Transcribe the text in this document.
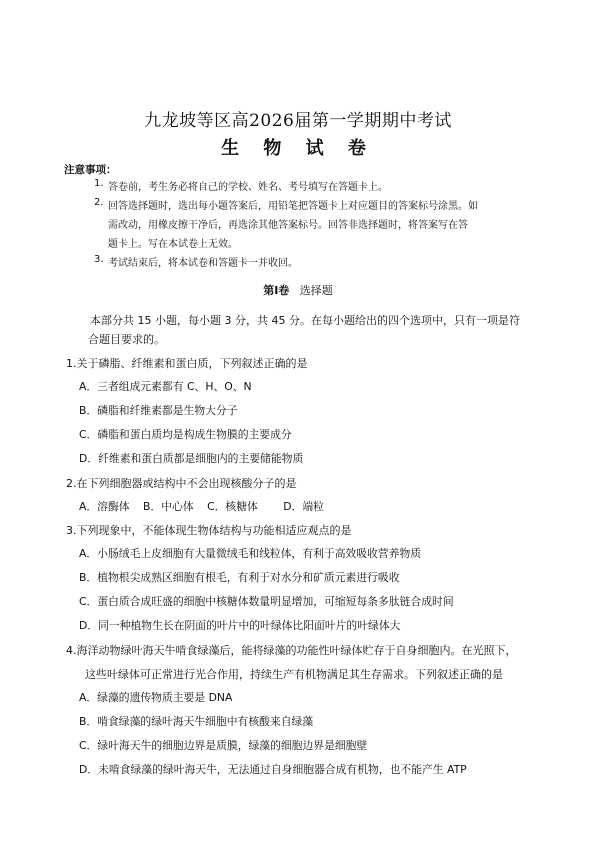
九龙坡等区高2026届第一学期期中考试
生 物 试 卷
注意事项：
1. 答卷前，考生务必将自己的学校、姓名、考号填写在答题卡上。
2. 回答选择题时，选出每小题答案后，用铅笔把答题卡上对应题目的答案标号涂黑。如
需改动，用橡皮擦干净后，再选涂其他答案标号。回答非选择题时，将答案写在答
题卡上。写在本试卷上无效。
3. 考试结束后，将本试卷和答题卡一并收回。
第Ⅰ卷 选择题
本部分共 15 小题，每小题 3 分，共 45 分。在每小题给出的四个选项中，只有一项是符
合题目要求的。
1.关于磷脂、纤维素和蛋白质，下列叙述正确的是
A．三者组成元素都有 C、H、O、N
B．磷脂和纤维素都是生物大分子
C．磷脂和蛋白质均是构成生物膜的主要成分
D．纤维素和蛋白质都是细胞内的主要储能物质
2.在下列细胞器或结构中不会出现核酸分子的是
A．溶酶体 B．中心体 C．核糖体 D．端粒
3.下列现象中，不能体现生物体结构与功能相适应观点的是
A．小肠绒毛上皮细胞有大量微绒毛和线粒体，有利于高效吸收营养物质
B．植物根尖成熟区细胞有根毛，有利于对水分和矿质元素进行吸收
C．蛋白质合成旺盛的细胞中核糖体数量明显增加，可缩短每条多肽链合成时间
D．同一种植物生长在阴面的叶片中的叶绿体比阳面叶片的叶绿体大
4.海洋动物绿叶海天牛啃食绿藻后，能将绿藻的功能性叶绿体贮存于自身细胞内。在光照下，
这些叶绿体可正常进行光合作用，持续生产有机物满足其生存需求。下列叙述正确的是
A．绿藻的遗传物质主要是 DNA
B．啃食绿藻的绿叶海天牛细胞中有核酸来自绿藻
C．绿叶海天牛的细胞边界是质膜，绿藻的细胞边界是细胞壁
D．未啃食绿藻的绿叶海天牛，无法通过自身细胞器合成有机物，也不能产生 ATP
